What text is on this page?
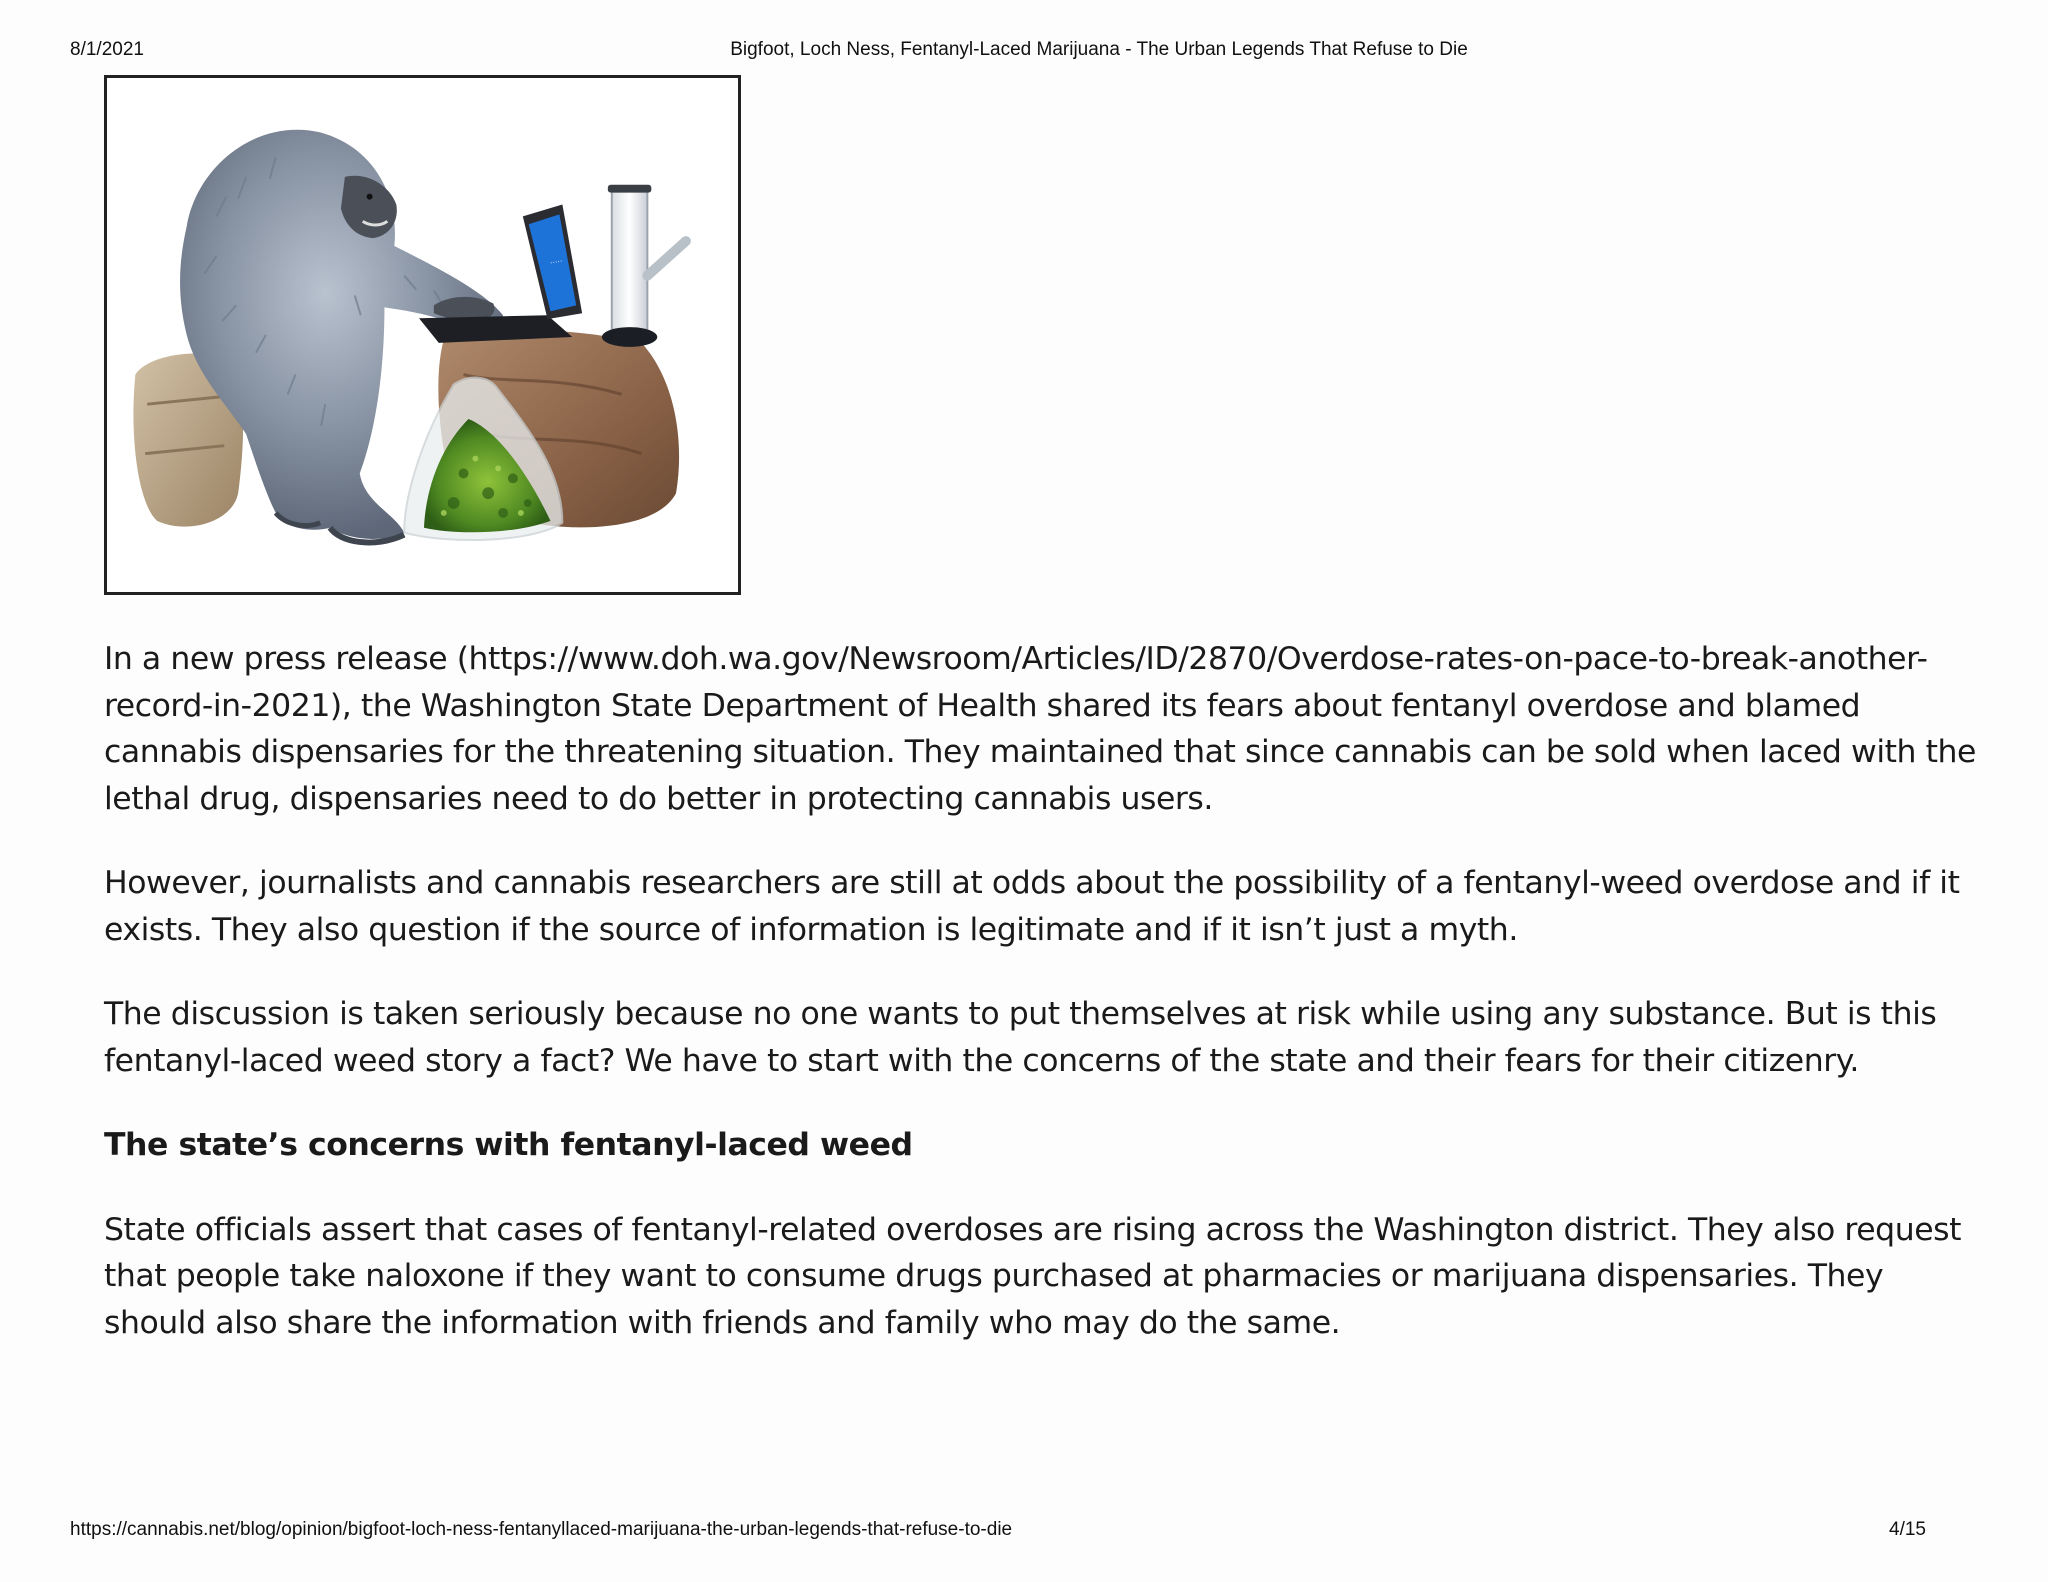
8/1/2021	Bigfoot, Loch Ness, Fentanyl-Laced Marijuana - The Urban Legends That Refuse to Die
·····

In a new press release (https://www.doh.wa.gov/Newsroom/Articles/ID/2870/Overdose-rates-on-pace-to-break-another-record-in-2021), the Washington State Department of Health shared its fears about fentanyl overdose and blamed cannabis dispensaries for the threatening situation. They maintained that since cannabis can be sold when laced with the lethal drug, dispensaries need to do better in protecting cannabis users.

However, journalists and cannabis researchers are still at odds about the possibility of a fentanyl-weed overdose and if it exists. They also question if the source of information is legitimate and if it isn’t just a myth.

The discussion is taken seriously because no one wants to put themselves at risk while using any substance. But is this fentanyl-laced weed story a fact? We have to start with the concerns of the state and their fears for their citizenry.

The state’s concerns with fentanyl-laced weed

State officials assert that cases of fentanyl-related overdoses are rising across the Washington district. They also request that people take naloxone if they want to consume drugs purchased at pharmacies or marijuana dispensaries. They should also share the information with friends and family who may do the same.

https://cannabis.net/blog/opinion/bigfoot-loch-ness-fentanyllaced-marijuana-the-urban-legends-that-refuse-to-die	4/15
